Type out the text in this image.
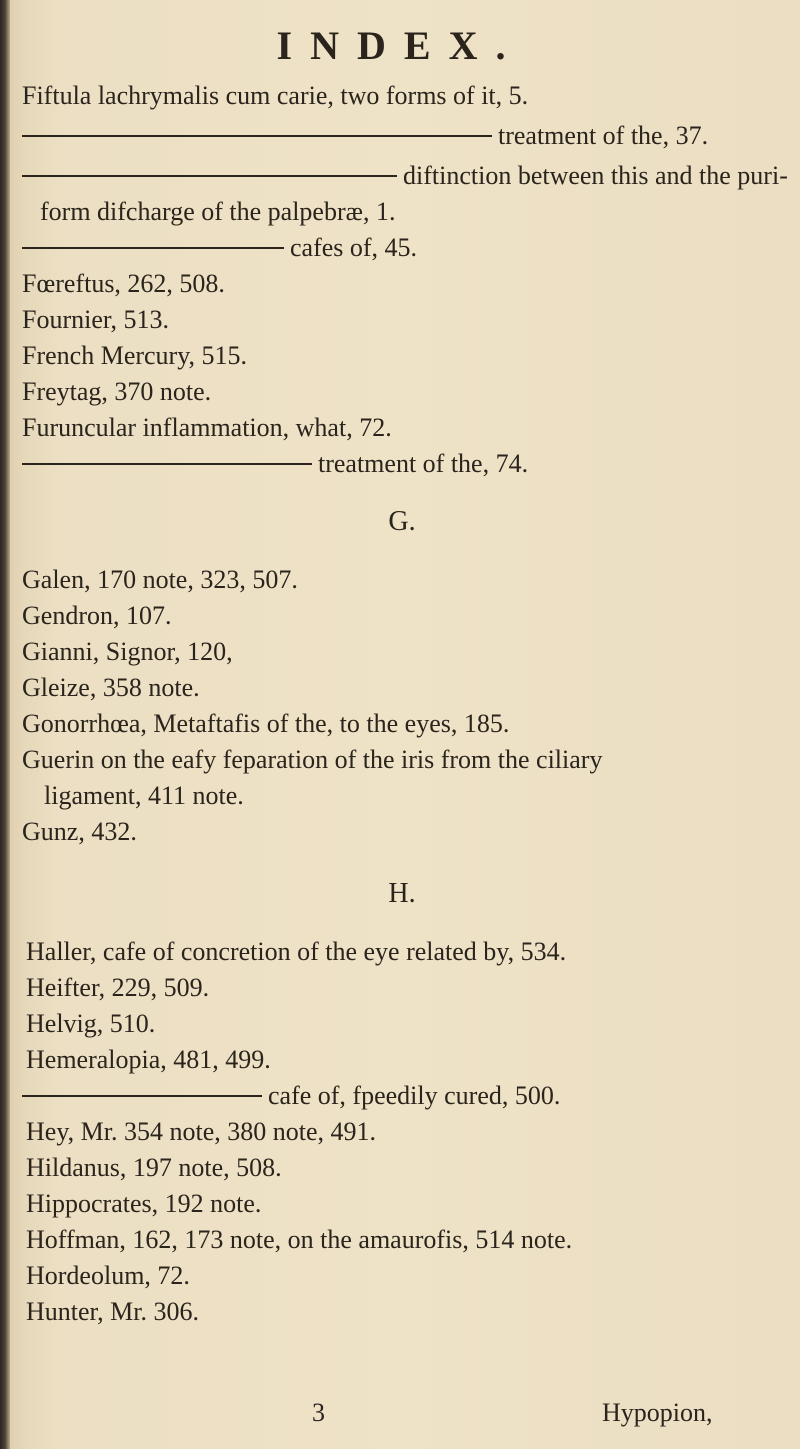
INDEX.
Fiftula lachrymalis cum carie, two forms of it, 5.
treatment of the, 37.
diftinction between this and the puri-
form difcharge of the palpebræ, 1.
cafes of, 45.
Fœreftus, 262, 508.
Fournier, 513.
French Mercury, 515.
Freytag, 370 note.
Furuncular inflammation, what, 72.
treatment of the, 74.
G.
Galen, 170 note, 323, 507.
Gendron, 107.
Gianni, Signor, 120,
Gleize, 358 note.
Gonorrhœa, Metaftafis of the, to the eyes, 185.
Guerin on the eafy feparation of the iris from the ciliary
ligament, 411 note.
Gunz, 432.
H.
Haller, cafe of concretion of the eye related by, 534.
Heifter, 229, 509.
Helvig, 510.
Hemeralopia, 481, 499.
cafe of, fpeedily cured, 500.
Hey, Mr. 354 note, 380 note, 491.
Hildanus, 197 note, 508.
Hippocrates, 192 note.
Hoffman, 162, 173 note, on the amaurofis, 514 note.
Hordeolum, 72.
Hunter, Mr. 306.
3	Hypopion,
